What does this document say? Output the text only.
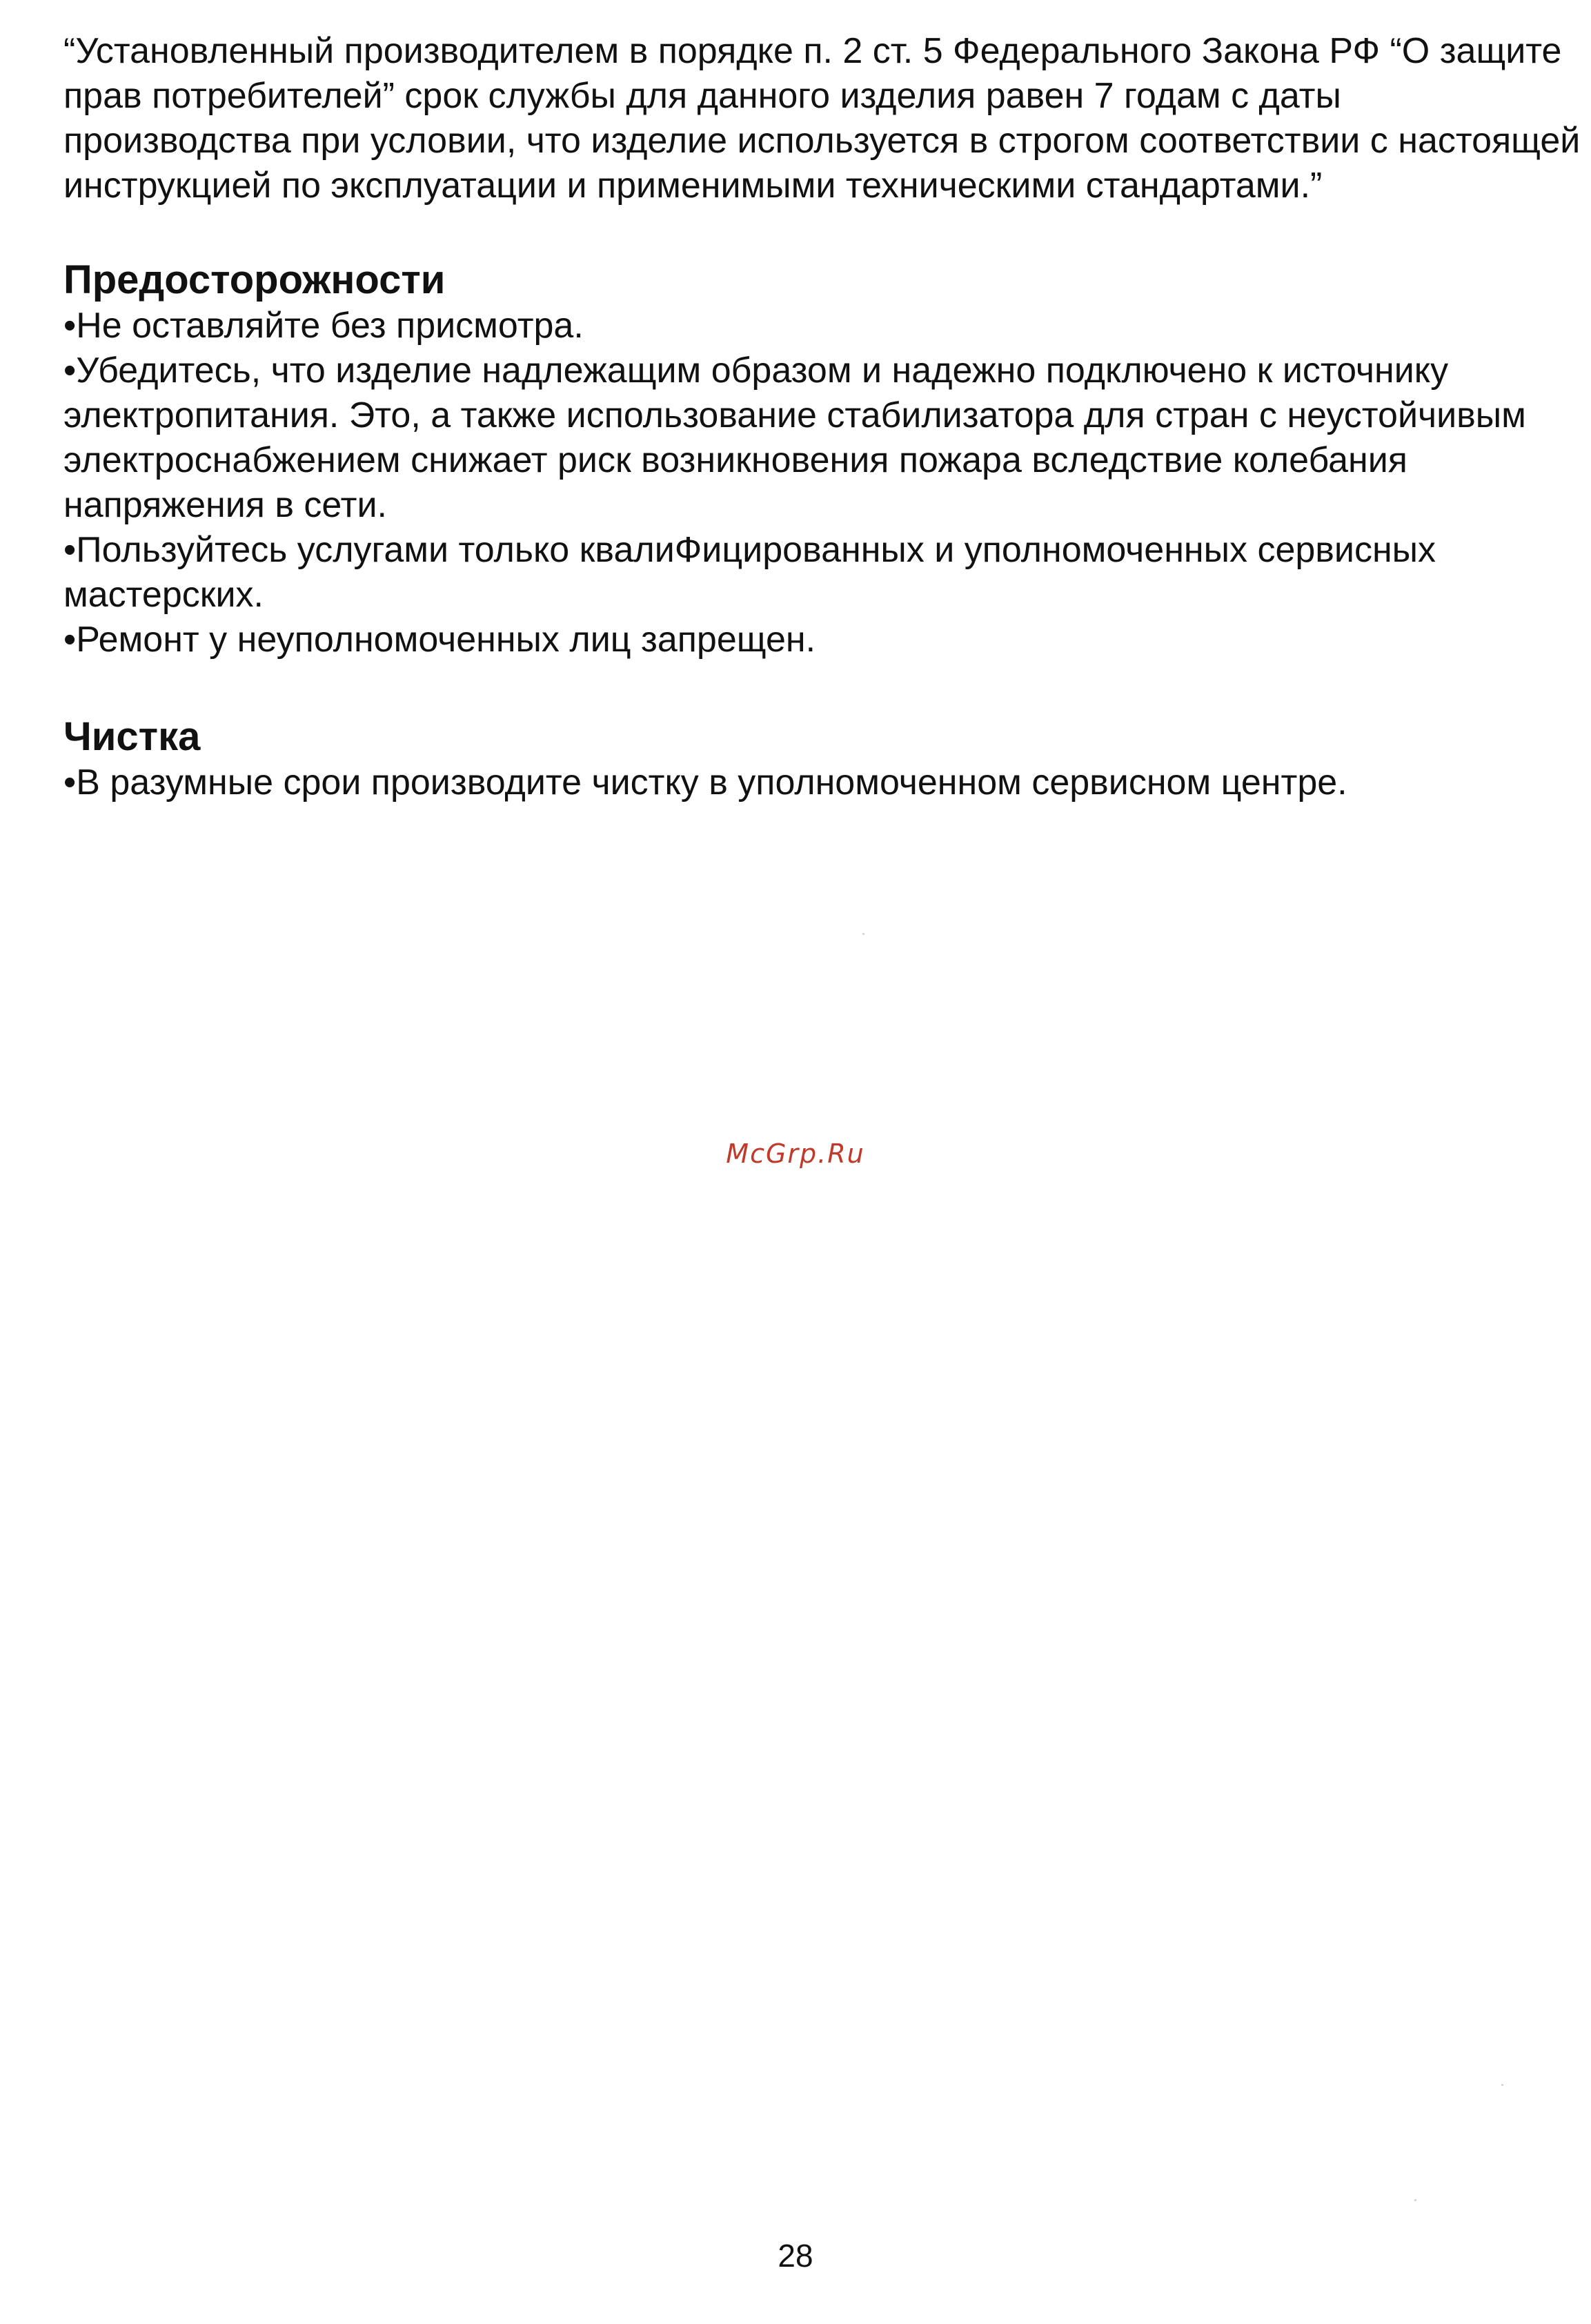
“Установленный производителем в порядке п. 2 ст. 5 Федерального Закона РФ “О защите
прав потребителей” срок службы для данного изделия равен 7 годам с даты
производства при условии, что изделие используется в строгом соответствии с настоящей
инструкцией по эксплуатации и применимыми техническими стандартами.”

Предосторожности

•Не оставляйте без присмотра.
•Убедитесь, что изделие надлежащим образом и надежно подключено к источнику
электропитания. Это, а также использование стабилизатора для стран с неустойчивым
электроснабжением снижает риск возникновения пожара вследствие колебания
напряжения в сети.
•Пользуйтесь услугами только квалиФицированных и уполномоченных сервисных
мастерских.
•Ремонт у неуполномоченных лиц запрещен.

Чистка

•В разумные срои производите чистку в уполномоченном сервисном центре.

McGrp.Ru
28
